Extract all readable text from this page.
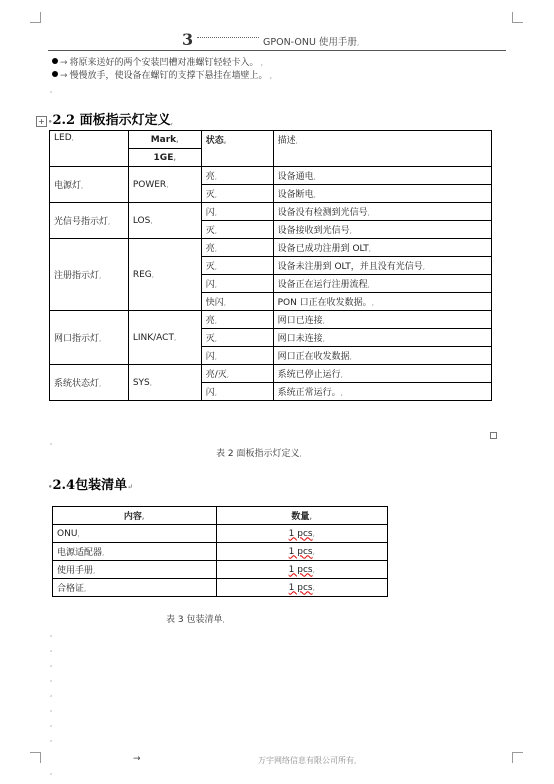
3	GPON-ONU 使用手册,
→ 将原来送好的两个安装凹槽对准螺钉轻轻卡入。 ,
→ 慢慢放手，使设备在螺钉的支撑下悬挂在墙壁上。 ,
,
•2.2 面板指示灯定义,
+
LED,	Mark,	状态,	描述,
	1GE,		
电源灯,	POWER,	亮,	设备通电,
		灭,	设备断电,
光信号指示灯,	LOS,	闪,	设备没有检测到光信号,
		灭,	设备接收到光信号,
注册指示灯,	REG,	亮,	设备已成功注册到 OLT,
		灭,	设备未注册到 OLT，并且没有光信号,
		闪,	设备正在运行注册流程,
		快闪,	PON 口正在收发数据。,
网口指示灯,	LINK/ACT,	亮,	网口已连接,
		灭,	网口未连接,
		闪,	网口正在收发数据,
系统状态灯,	SYS,	亮/灭,	系统已停止运行,
		闪,	系统正常运行。,
,
表 2 面板指示灯定义,
•2.4包装清单↵
内容,	数量,
ONU,	1 pcs,
电源适配器,	1 pcs,
使用手册,	1 pcs,
合格证,	1 pcs,
表 3 包装清单,
,
,
,
,
,
,
,
,
→	万宇网络信息有限公司所有,
,
